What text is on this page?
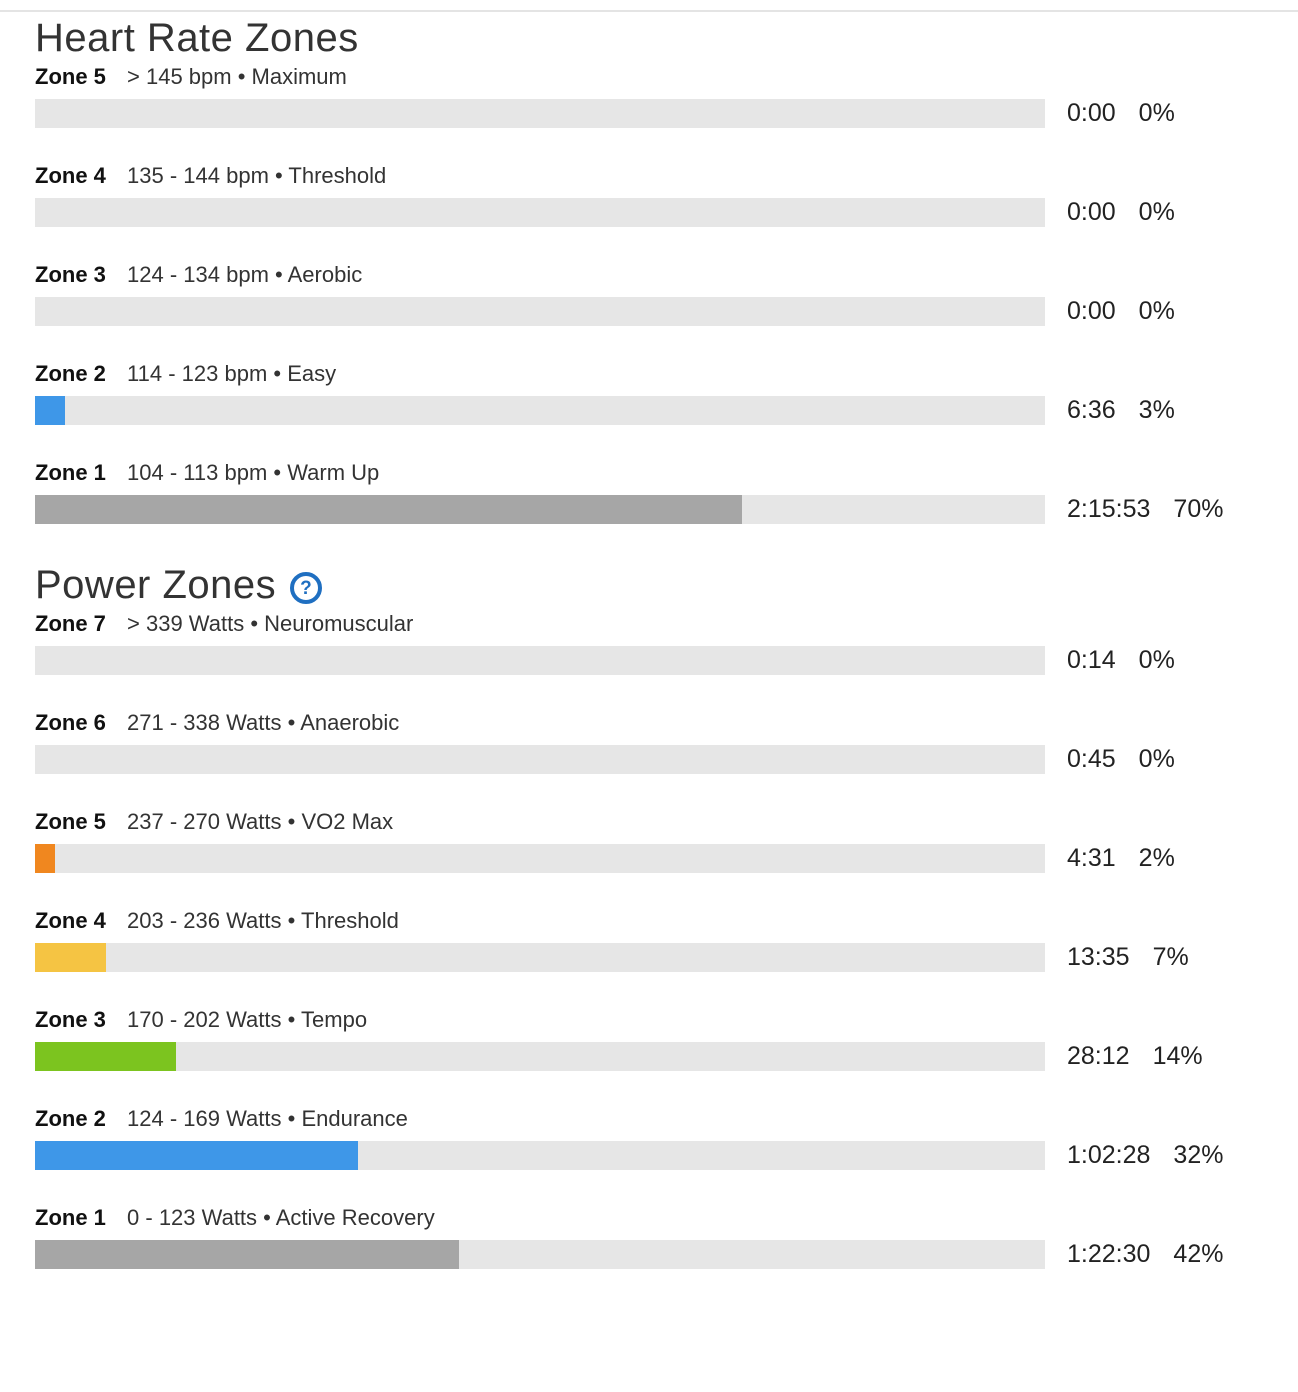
Heart Rate Zones
Zone 5 > 145 bpm • Maximum
0:00 0%
Zone 4 135 - 144 bpm • Threshold
0:00 0%
Zone 3 124 - 134 bpm • Aerobic
0:00 0%
Zone 2 114 - 123 bpm • Easy
6:36 3%
Zone 1 104 - 113 bpm • Warm Up
2:15:53 70%
Power Zones	?
Zone 7 > 339 Watts • Neuromuscular
0:14 0%
Zone 6 271 - 338 Watts • Anaerobic
0:45 0%
Zone 5 237 - 270 Watts • VO2 Max
4:31 2%
Zone 4 203 - 236 Watts • Threshold
13:35 7%
Zone 3 170 - 202 Watts • Tempo
28:12 14%
Zone 2 124 - 169 Watts • Endurance
1:02:28 32%
Zone 1 0 - 123 Watts • Active Recovery
1:22:30 42%
